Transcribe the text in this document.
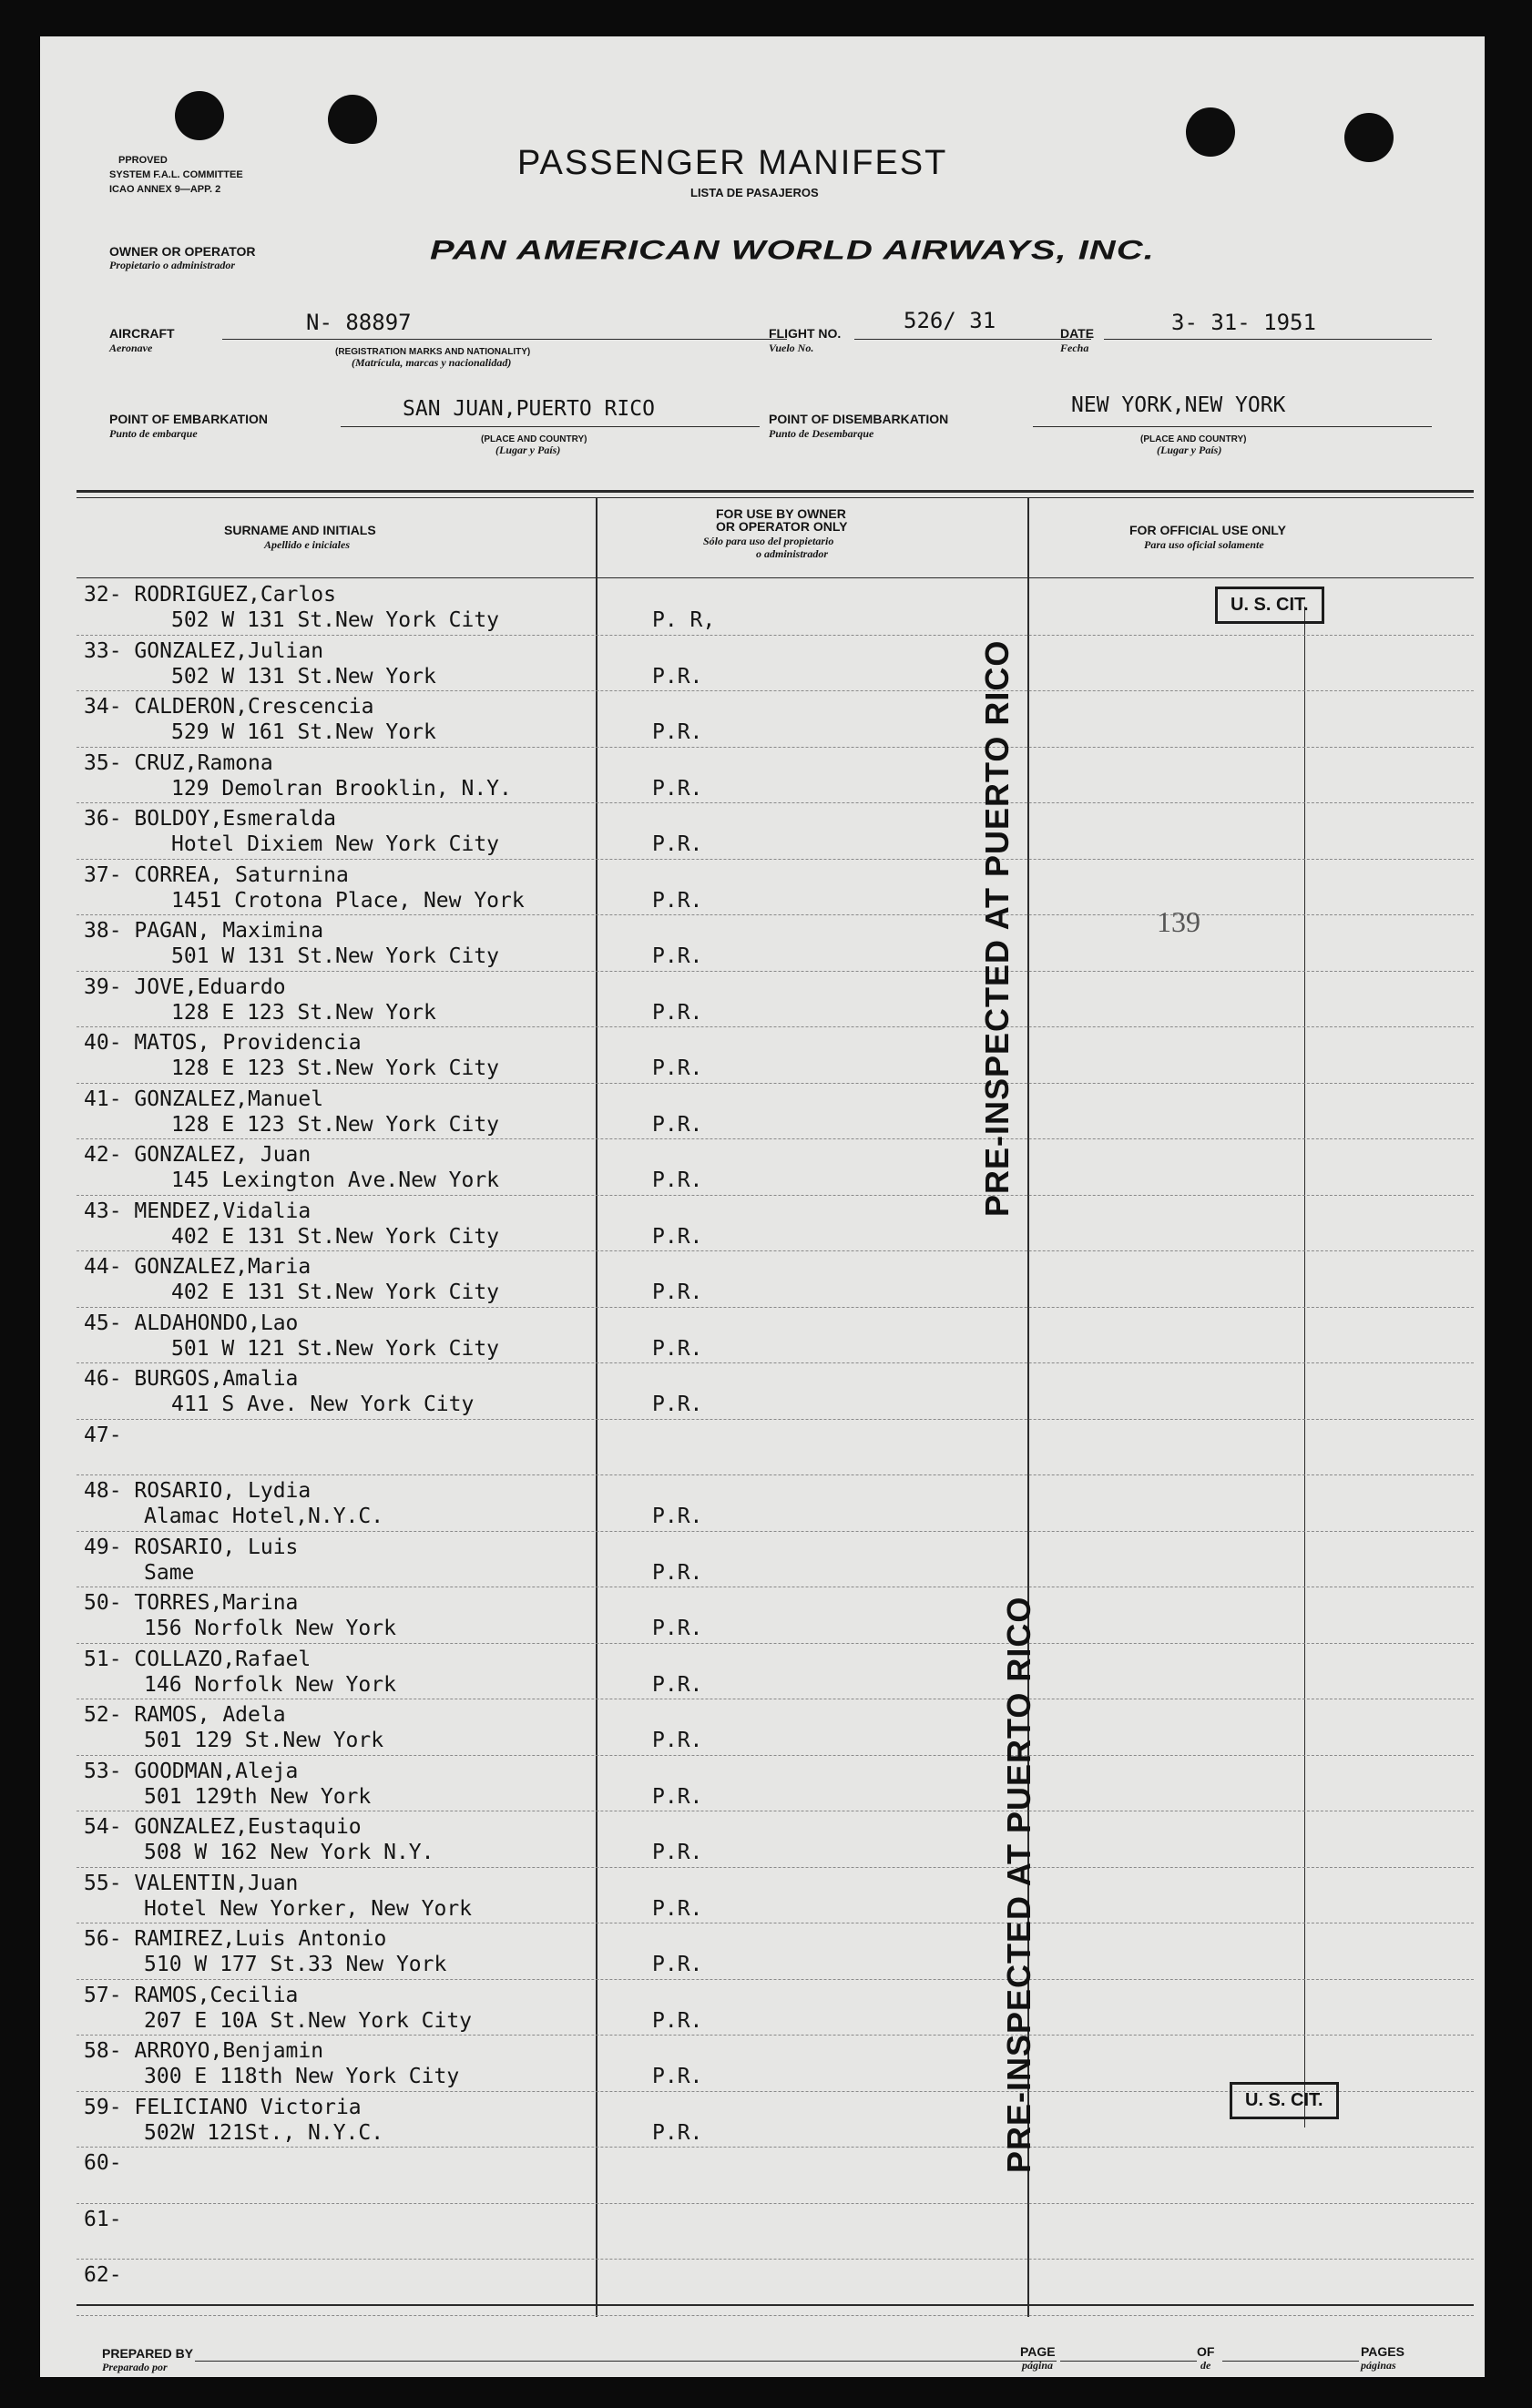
PPROVED
SYSTEM F.A.L. COMMITTEE
ICAO ANNEX 9—APP. 2
PASSENGER MANIFEST
LISTA DE PASAJEROS
OWNER OR OPERATOR
Propietario o administrador	PAN AMERICAN WORLD AIRWAYS, INC.
AIRCRAFT
Aeronave
N- 88897
(REGISTRATION MARKS AND NATIONALITY)
(Matrícula, marcas y nacionalidad)
FLIGHT NO.
Vuelo No.
526/ 31	DATE
Fecha
3- 31- 1951
POINT OF EMBARKATION
Punto de embarque
SAN JUAN,PUERTO RICO
(PLACE AND COUNTRY)
(Lugar y País)
POINT OF DISEMBARKATION
Punto de Desembarque
NEW YORK,NEW YORK
(PLACE AND COUNTRY)
(Lugar y País)
SURNAME AND INITIALS
Apellido e iniciales
FOR USE BY OWNER
OR OPERATOR ONLY
Sólo para uso del propietario
o administrador
FOR OFFICIAL USE ONLY
Para uso oficial solamente
32- RODRIGUEZ,Carlos
502 W 131 St.New York City	P. R,
33- GONZALEZ,Julian
502 W 131 St.New York	P.R.
34- CALDERON,Crescencia
529 W 161 St.New York	P.R.
35- CRUZ,Ramona
129 Demolran Brooklin, N.Y.	P.R.
36- BOLDOY,Esmeralda
Hotel Dixiem New York City	P.R.
37- CORREA, Saturnina
1451 Crotona Place, New York	P.R.
38- PAGAN, Maximina
501 W 131 St.New York City	P.R.
39- JOVE,Eduardo
128 E 123 St.New York	P.R.
40- MATOS, Providencia
128 E 123 St.New York City	P.R.
41- GONZALEZ,Manuel
128 E 123 St.New York City	P.R.
42- GONZALEZ, Juan
145 Lexington Ave.New York	P.R.
43- MENDEZ,Vidalia
402 E 131 St.New York City	P.R.
44- GONZALEZ,Maria
402 E 131 St.New York City	P.R.
45- ALDAHONDO,Lao
501 W 121 St.New York City	P.R.
46- BURGOS,Amalia
411 S Ave. New York City	P.R.
47-
48- ROSARIO, Lydia
Alamac Hotel,N.Y.C.	P.R.
49- ROSARIO, Luis
Same	P.R.
50- TORRES,Marina
156 Norfolk New York	P.R.
51- COLLAZO,Rafael
146 Norfolk New York	P.R.
52- RAMOS, Adela
501 129 St.New York	P.R.
53- GOODMAN,Aleja
501 129th New York	P.R.
54- GONZALEZ,Eustaquio
508 W 162 New York N.Y.	P.R.
55- VALENTIN,Juan
Hotel New Yorker, New York	P.R.
56- RAMIREZ,Luis Antonio
510 W 177 St.33 New York	P.R.
57- RAMOS,Cecilia
207 E 10A St.New York City	P.R.
58- ARROYO,Benjamin
300 E 118th New York City	P.R.
59- FELICIANO Victoria
502W 121St., N.Y.C.	P.R.
60-
61-
62-
U. S. CIT.
U. S. CIT.
139
PRE-INSPECTED AT PUERTO RICO
PRE-INSPECTED AT PUERTO RICO
PREPARED BY
Preparado por
PAGE
página
OF
de
PAGES
páginas
